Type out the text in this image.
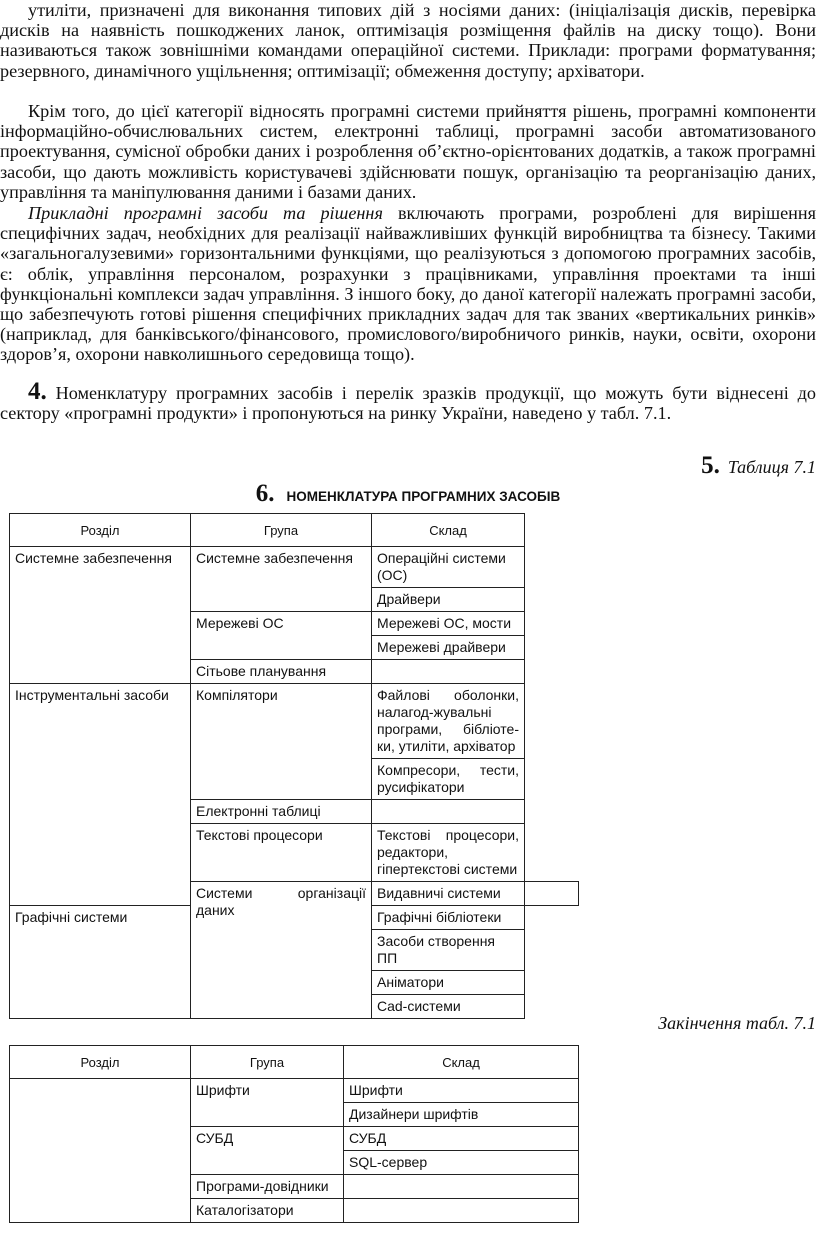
утиліти, призначені для виконання типових дій з носіями даних: (ініціалізація дисків, перевірка дисків на наявність пошкоджених ланок, оптимізація розміщення файлів на диску тощо). Вони називаються також зовнішніми командами операційної системи. Приклади: програми форматування; резервного, динамічного ущільнення; оптимізації; обмеження доступу; архіватори.

Крім того, до цієї категорії відносять програмні системи прийняття рішень, програмні компоненти інформаційно-обчислювальних систем, електронні таблиці, програмні засоби автоматизованого проектування, сумісної обробки даних і розроблення об’єктно-орієнтованих додатків, а також програмні засоби, що дають можливість користувачеві здійснювати пошук, організацію та реорганізацію даних, управління та маніпулювання даними і базами даних.

Прикладні програмні засоби та рішення включають програми, розроблені для вирішення специфічних задач, необхідних для реалізації найважливіших функцій виробництва та бізнесу. Такими «загальногалузевими» горизонтальними функціями, що реалізуються з допомогою програмних засобів, є: облік, управління персоналом, розрахунки з працівниками, управління проектами та інші функціональні комплекси задач управління. З іншого боку, до даної категорії належать програмні засоби, що забезпечують готові рішення специфічних прикладних задач для так званих «вертикальних ринків» (наприклад, для банківського/фінансового, промислового/виробничого ринків, науки, освіти, охорони здоров’я, охорони навколишнього середовища тощо).

4. Номенклатуру програмних засобів і перелік зразків продукції, що можуть бути віднесені до сектору «програмні продукти» і пропонуються на ринку України, наведено у табл. 7.1.

5. Таблиця 7.1
6. НОМЕНКЛАТУРА ПРОГРАМНИХ ЗАСОБІВ
Розділ	Група	Склад	
Системне забезпечення	Системне забезпечення	Операційні системи (ОС)	
		Драйвери	
	Мережеві ОС	Мережеві ОС, мости	
		Мережеві драйвери	
	Сітьове планування		
Інструментальні засоби	Компілятори	Файлові оболонки, налагод-жувальні програми, бібліоте-ки, утиліти, архіватор	
		Компресори, тести, русифікатори	
	Електронні таблиці		
	Текстові процесори	Текстові процесори, редактори, гіпертекстові системи	
	Системи організації даних	Видавничі системи	
Графічні системи		Графічні бібліотеки	
		Засоби створення ПП	
		Аніматори	
		Cad-системи	
Закінчення табл. 7.1
Розділ	Група	Склад
	Шрифти	Шрифти
		Дизайнери шрифтів
	СУБД	СУБД
		SQL-сервер
	Програми-довідники	
	Каталогізатори	
